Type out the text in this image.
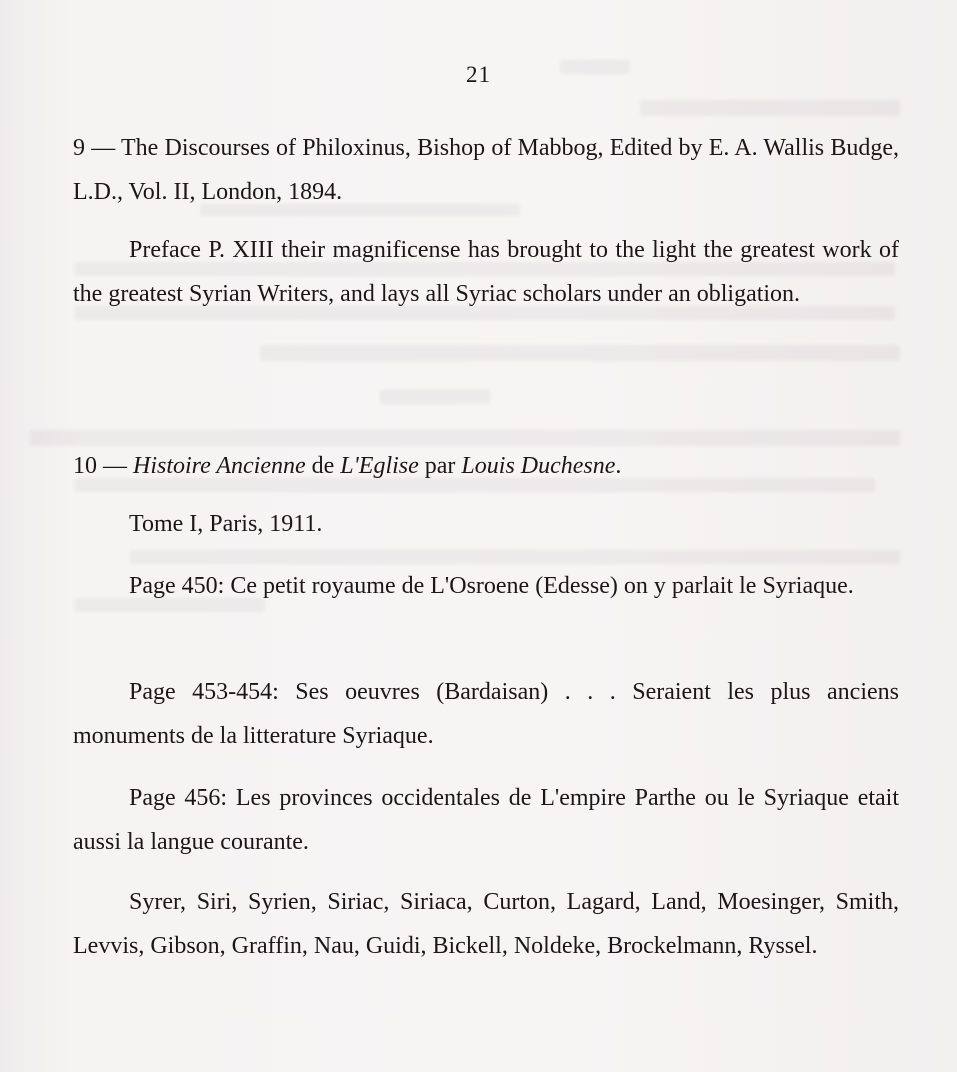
21

9 — The Discourses of Philoxinus, Bishop of Mabbog, Edited by E. A. Wallis Budge, L.D., Vol. II, London, 1894.

Preface P. XIII their magnificense has brought to the light the greatest work of the greatest Syrian Writers, and lays all Syriac scholars under an obligation.

10 — Histoire Ancienne de L'Eglise par Louis Duchesne.

Tome I, Paris, 1911.

Page 450: Ce petit royaume de L'Osroene (Edesse) on y parlait le Syriaque.

Page 453-454: Ses oeuvres (Bardaisan) . . . Seraient les plus anciens monuments de la litterature Syriaque.

Page 456: Les provinces occidentales de L'empire Parthe ou le Syriaque etait aussi la langue courante.

Syrer, Siri, Syrien, Siriac, Siriaca, Curton, Lagard, Land, Moesinger, Smith, Levvis, Gibson, Graffin, Nau, Guidi, Bickell, Noldeke, Brockelmann, Ryssel.
